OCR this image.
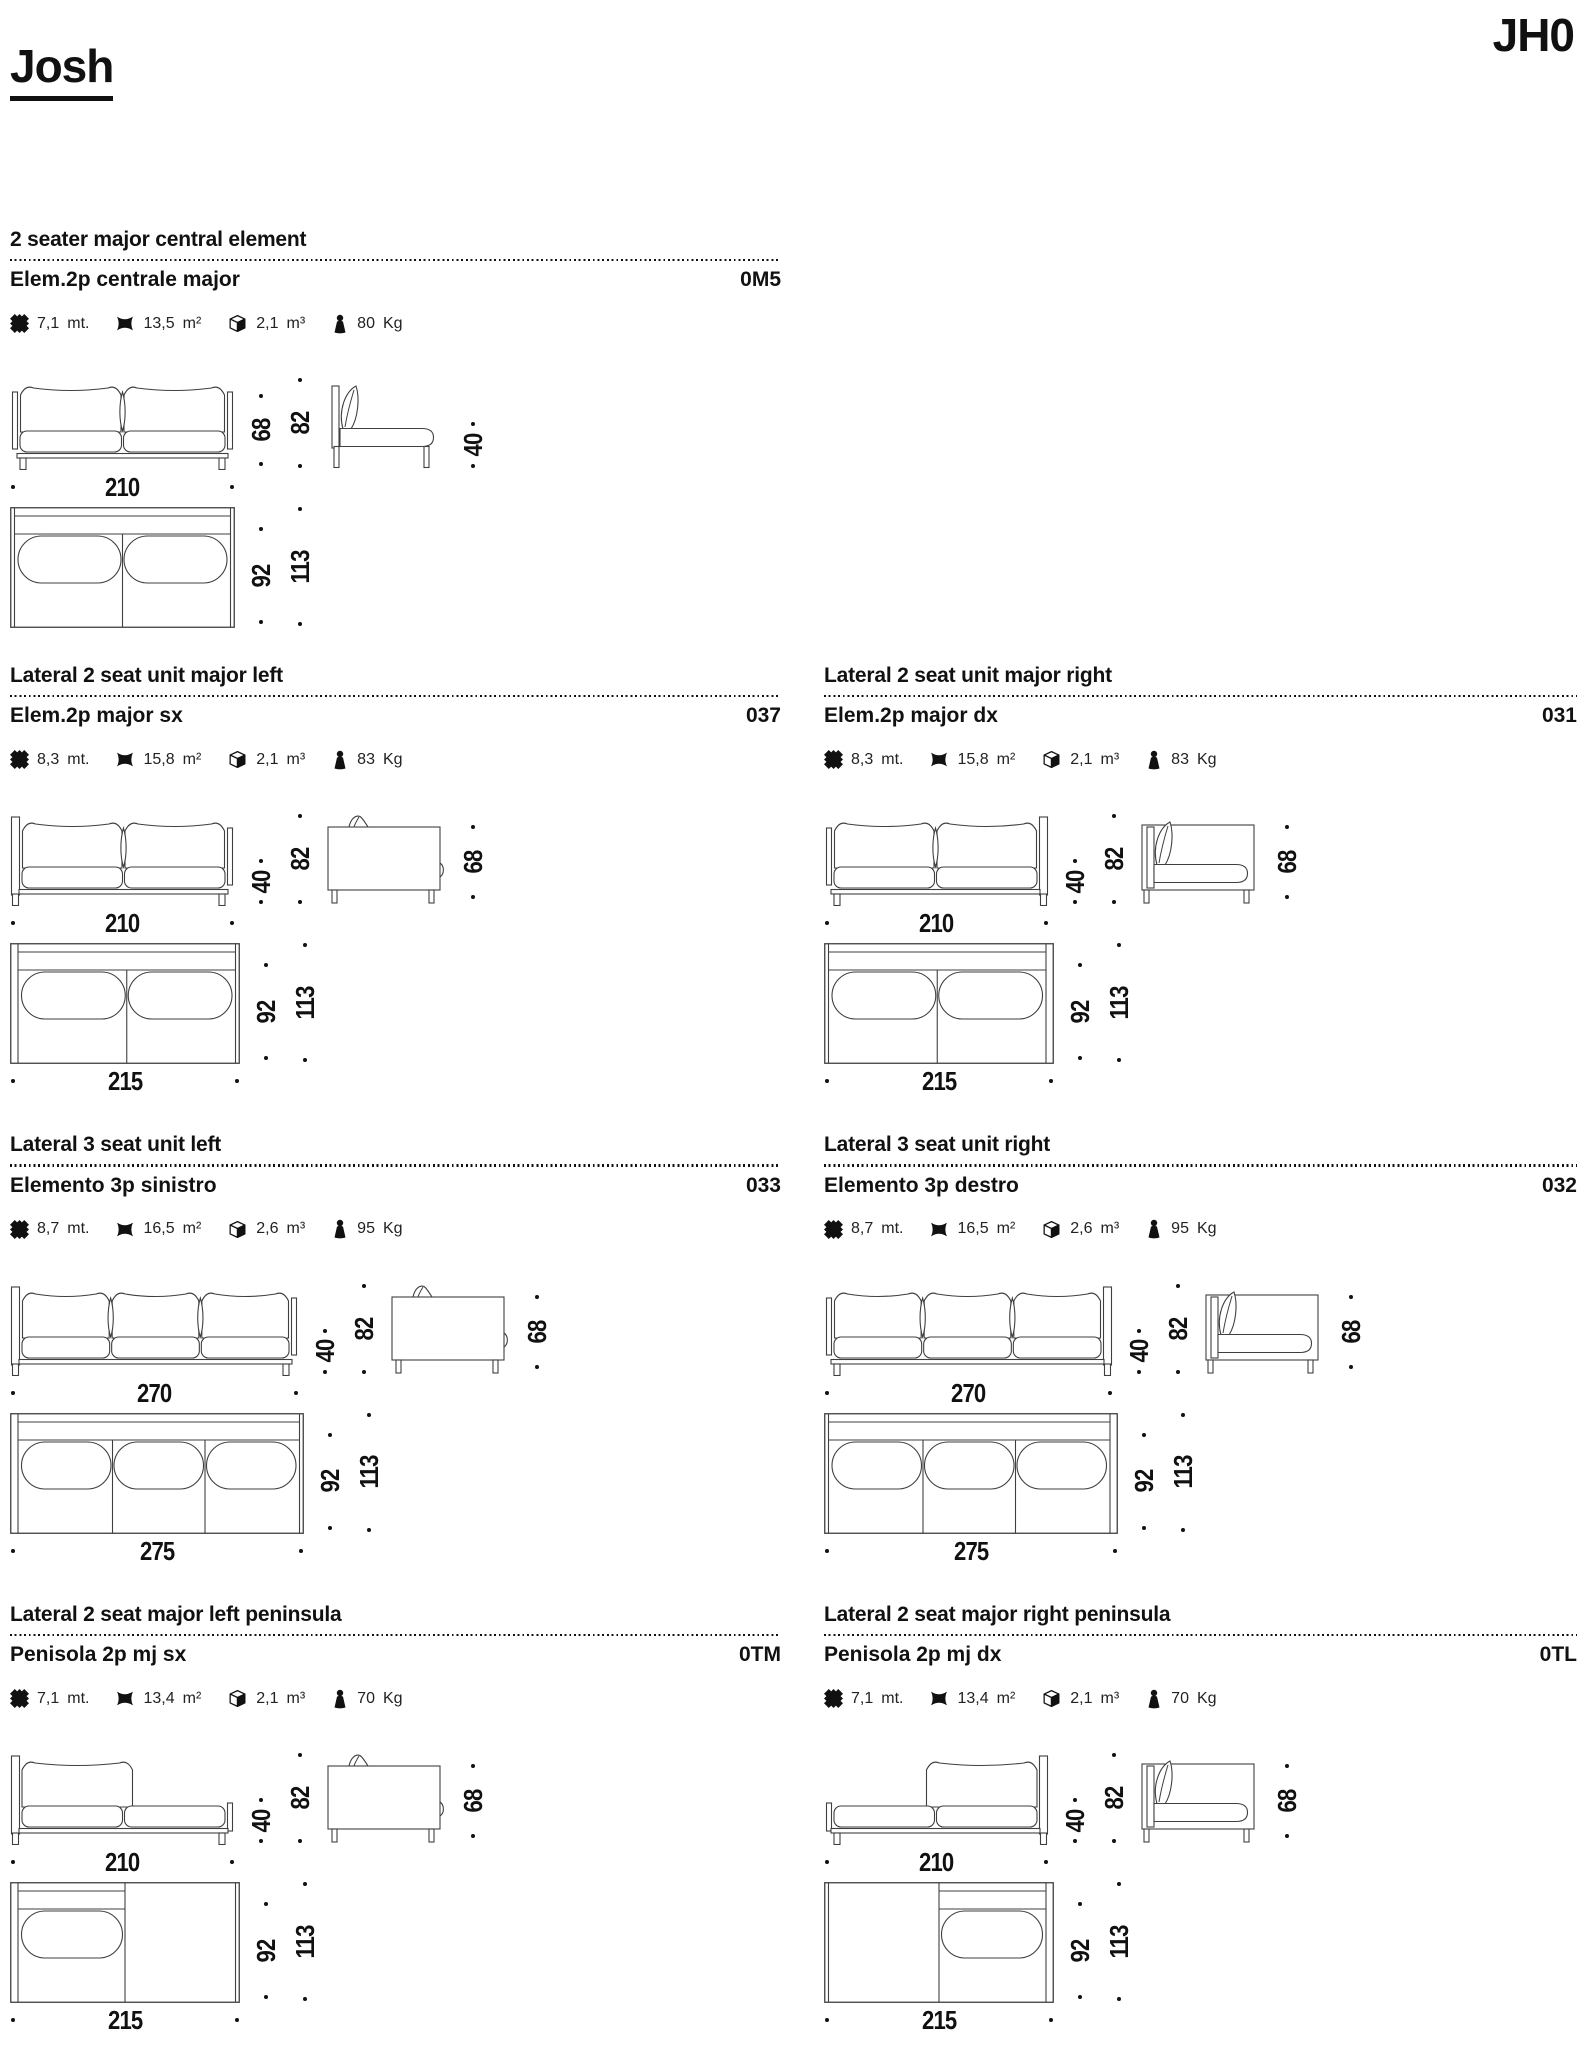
Josh
JH0
2 seater major central element
Elem.2p centrale major	0M5
7,1 mt.	13,5 m²	2,1 m³	80 Kg
210
68 82
40
92 113
Lateral 2 seat unit major left
Elem.2p major sx	037
8,3 mt.	15,8 m²	2,1 m³	83 Kg
210
40
82	68
215
92 113
Lateral 2 seat unit major right
Elem.2p major dx	031
8,3 mt.	15,8 m²	2,1 m³	83 Kg
210
40
82	68
215
92 113
Lateral 3 seat unit left
Elemento 3p sinistro	033
8,7 mt.	16,5 m²	2,6 m³	95 Kg
270
40
82	68
275
92 113
Lateral 3 seat unit right
Elemento 3p destro	032
8,7 mt.	16,5 m²	2,6 m³	95 Kg
270
40
82	68
275
92 113
Lateral 2 seat major left peninsula
Penisola 2p mj sx	0TM
7,1 mt.	13,4 m²	2,1 m³	70 Kg
210
40
82	68
215
92 113
Lateral 2 seat major right peninsula
Penisola 2p mj dx	0TL
7,1 mt.	13,4 m²	2,1 m³	70 Kg
210
40
82	68
215
92 113
